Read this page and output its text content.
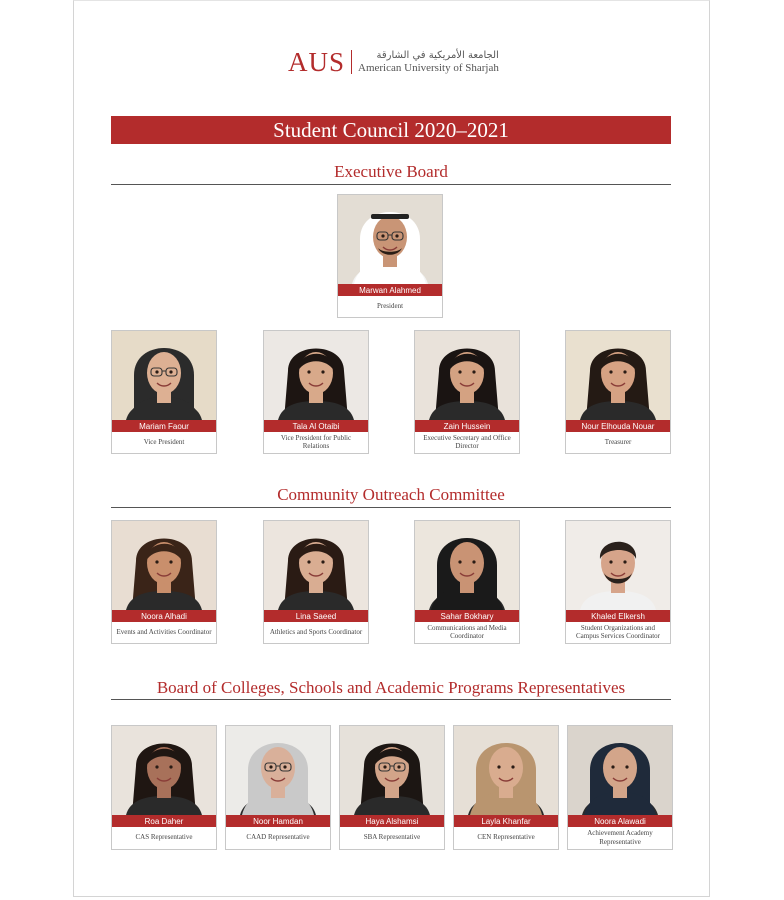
AUS	الجامعة الأمريكية في الشارقة
American University of Sharjah
Student Council 2020–2021
Executive Board
Community Outreach Committee
Board of Colleges, Schools and Academic Programs Representatives
Marwan Alahmed
President
Mariam Faour
Vice President
Tala Al Otaibi
Vice President for Public Relations
Zain Hussein
Executive Secretary and Office Director
Nour Elhouda Nouar
Treasurer
Noora Alhadi
Events and Activities Coordinator
Lina Saeed
Athletics and Sports Coordinator
Sahar Bokhary
Communications and Media Coordinator
Khaled Elkersh
Student Organizations and Campus Services Coordinator
Roa Daher
CAS Representative
Noor Hamdan
CAAD Representative
Haya Alshamsi
SBA Representative
Layla Khanfar
CEN Representative
Noora Alawadi
Achievement Academy Representative
